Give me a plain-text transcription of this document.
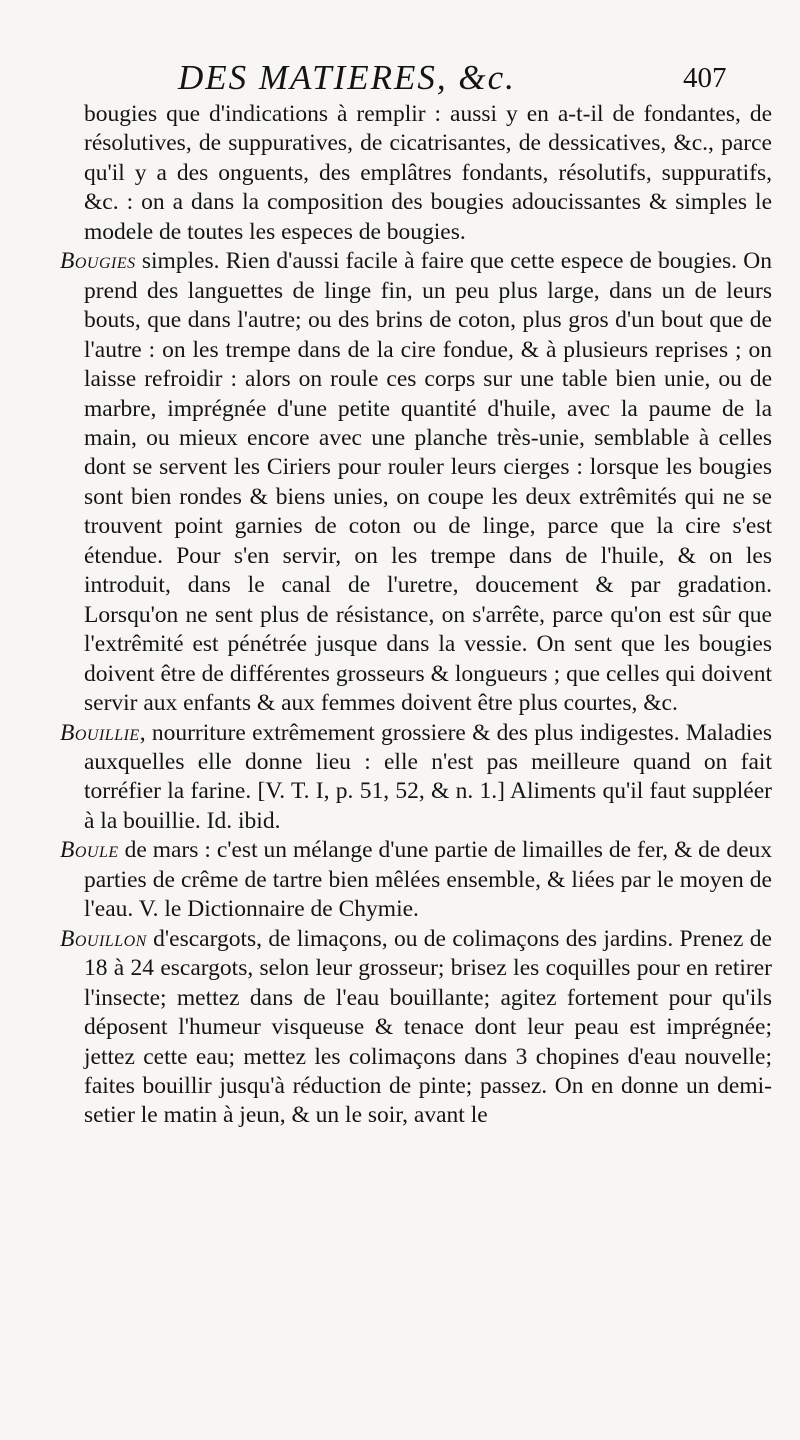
DES MATIERES, &c.	407

bougies que d'indications à remplir : aussi y en a-t-il de fondantes, de résolutives, de suppuratives, de cicatrisantes, de dessicatives, &c., parce qu'il y a des onguents, des emplâtres fondants, résolutifs, suppuratifs, &c. : on a dans la composition des bougies adoucissantes & simples le modele de toutes les especes de bougies.

Bougies simples. Rien d'aussi facile à faire que cette espece de bougies. On prend des languettes de linge fin, un peu plus large, dans un de leurs bouts, que dans l'autre; ou des brins de coton, plus gros d'un bout que de l'autre : on les trempe dans de la cire fondue, & à plusieurs reprises ; on laisse refroidir : alors on roule ces corps sur une table bien unie, ou de marbre, imprégnée d'une petite quantité d'huile, avec la paume de la main, ou mieux encore avec une planche très-unie, semblable à celles dont se servent les Ciriers pour rouler leurs cierges : lorsque les bougies sont bien rondes & biens unies, on coupe les deux extrêmités qui ne se trouvent point garnies de coton ou de linge, parce que la cire s'est étendue. Pour s'en servir, on les trempe dans de l'huile, & on les introduit, dans le canal de l'uretre, doucement & par gradation. Lorsqu'on ne sent plus de résistance, on s'arrête, parce qu'on est sûr que l'extrêmité est pénétrée jusque dans la vessie. On sent que les bougies doivent être de différentes grosseurs & longueurs ; que celles qui doivent servir aux enfants & aux femmes doivent être plus courtes, &c.

Bouillie, nourriture extrêmement grossiere & des plus indigestes. Maladies auxquelles elle donne lieu : elle n'est pas meilleure quand on fait torréfier la farine. [V. T. I, p. 51, 52, & n. 1.] Aliments qu'il faut suppléer à la bouillie. Id. ibid.

Boule de mars : c'est un mélange d'une partie de limailles de fer, & de deux parties de crême de tartre bien mêlées ensemble, & liées par le moyen de l'eau. V. le Dictionnaire de Chymie.

Bouillon d'escargots, de limaçons, ou de colimaçons des jardins. Prenez de 18 à 24 escargots, selon leur grosseur; brisez les coquilles pour en retirer l'insecte; mettez dans de l'eau bouillante; agitez fortement pour qu'ils déposent l'humeur visqueuse & tenace dont leur peau est imprégnée; jettez cette eau; mettez les colimaçons dans 3 chopines d'eau nouvelle; faites bouillir jusqu'à réduction de pinte; passez. On en donne un demi-setier le matin à jeun, & un le soir, avant le
